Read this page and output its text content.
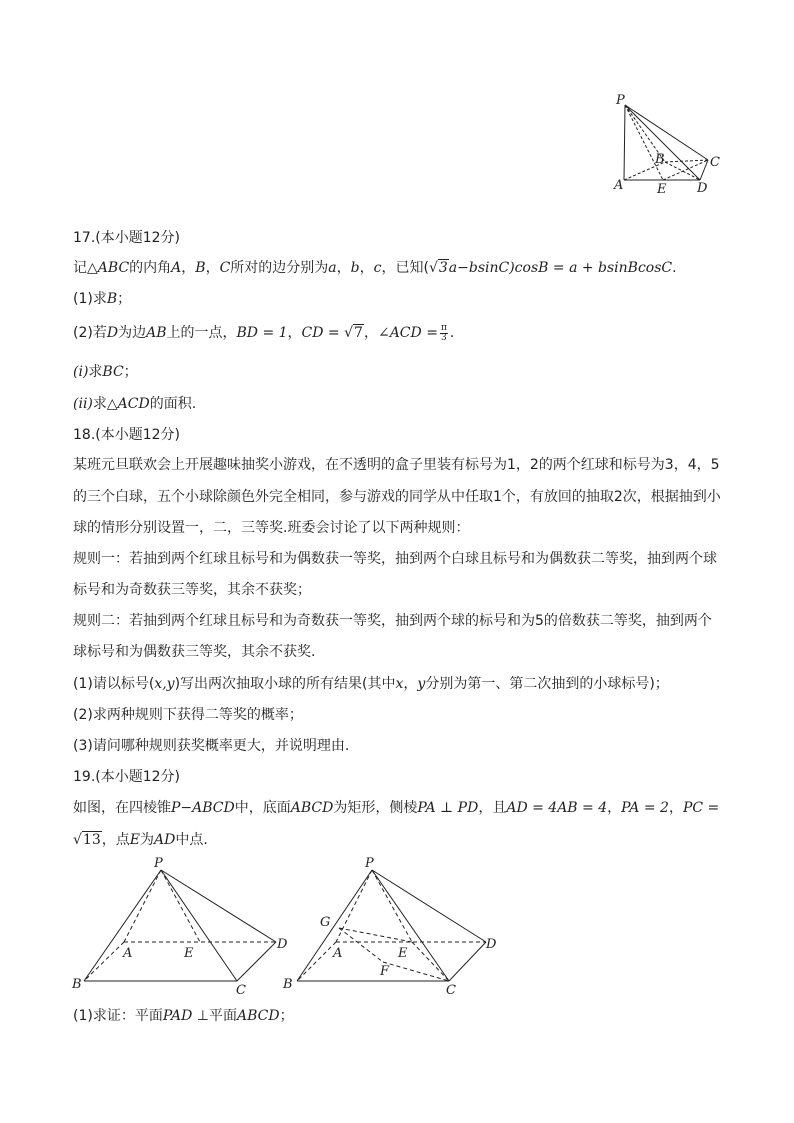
P
B	C
A	E D
17.(本小题12分)
记△ABC的内角A，B，C所对的边分别为a，b，c，已知(√3a−bsinC)cosB = a + bsinBcosC.
(1)求B；
(2)若D为边AB上的一点，BD = 1，CD = √7，∠ACD = $\frac{\pi}{3}$ .
(i)求BC；
(ii)求△ACD的面积.
18.(本小题12分)
某班元旦联欢会上开展趣味抽奖小游戏，在不透明的盒子里装有标号为1，2的两个红球和标号为3，4，5
的三个白球，五个小球除颜色外完全相同，参与游戏的同学从中任取1个，有放回的抽取2次，根据抽到小
球的情形分别设置一，二，三等奖.班委会讨论了以下两种规则：
规则一：若抽到两个红球且标号和为偶数获一等奖，抽到两个白球且标号和为偶数获二等奖，抽到两个球
标号和为奇数获三等奖，其余不获奖；
规则二：若抽到两个红球且标号和为奇数获一等奖，抽到两个球的标号和为5的倍数获二等奖，抽到两个
球标号和为偶数获三等奖，其余不获奖.
(1)请以标号(x,y)写出两次抽取小球的所有结果(其中x，y分别为第一、第二次抽到的小球标号)；
(2)求两种规则下获得二等奖的概率；
(3)请问哪种规则获奖概率更大，并说明理由.
19.(本小题12分)
如图，在四棱锥P−ABCD中，底面ABCD为矩形，侧棱PA ⊥ PD，且AD = 4AB = 4，PA = 2，PC =
√13，点E为AD中点.
P
A	E
D
B	C
P
G
A	E
D
F
B	C
(1)求证：平面PAD ⊥平面ABCD；
